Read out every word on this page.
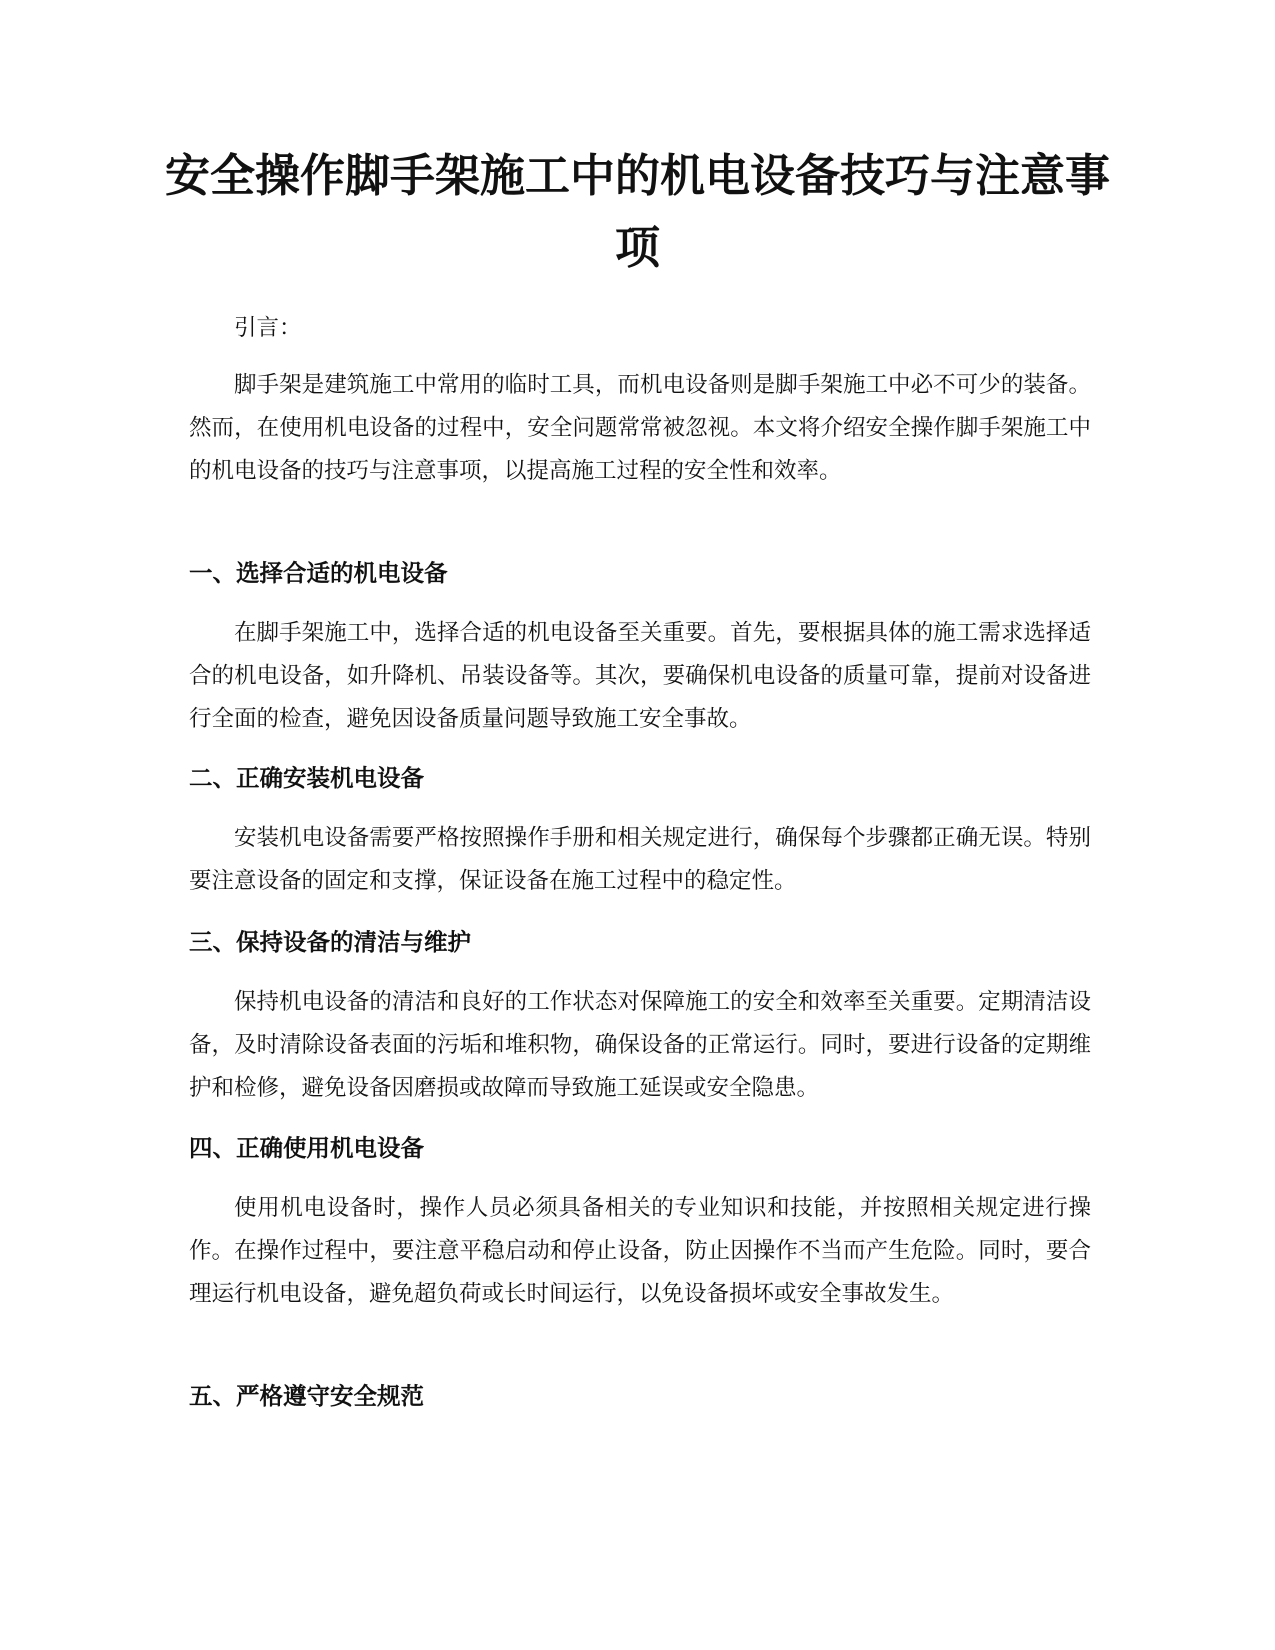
安全操作脚手架施工中的机电设备技巧与注意事项

引言：

脚手架是建筑施工中常用的临时工具，而机电设备则是脚手架施工中必不可少的装备。然而，在使用机电设备的过程中，安全问题常常被忽视。本文将介绍安全操作脚手架施工中的机电设备的技巧与注意事项，以提高施工过程的安全性和效率。

一、选择合适的机电设备

在脚手架施工中，选择合适的机电设备至关重要。首先，要根据具体的施工需求选择适合的机电设备，如升降机、吊装设备等。其次，要确保机电设备的质量可靠，提前对设备进行全面的检查，避免因设备质量问题导致施工安全事故。

二、正确安装机电设备

安装机电设备需要严格按照操作手册和相关规定进行，确保每个步骤都正确无误。特别要注意设备的固定和支撑，保证设备在施工过程中的稳定性。

三、保持设备的清洁与维护

保持机电设备的清洁和良好的工作状态对保障施工的安全和效率至关重要。定期清洁设备，及时清除设备表面的污垢和堆积物，确保设备的正常运行。同时，要进行设备的定期维护和检修，避免设备因磨损或故障而导致施工延误或安全隐患。

四、正确使用机电设备

使用机电设备时，操作人员必须具备相关的专业知识和技能，并按照相关规定进行操作。在操作过程中，要注意平稳启动和停止设备，防止因操作不当而产生危险。同时，要合理运行机电设备，避免超负荷或长时间运行，以免设备损坏或安全事故发生。

五、严格遵守安全规范
